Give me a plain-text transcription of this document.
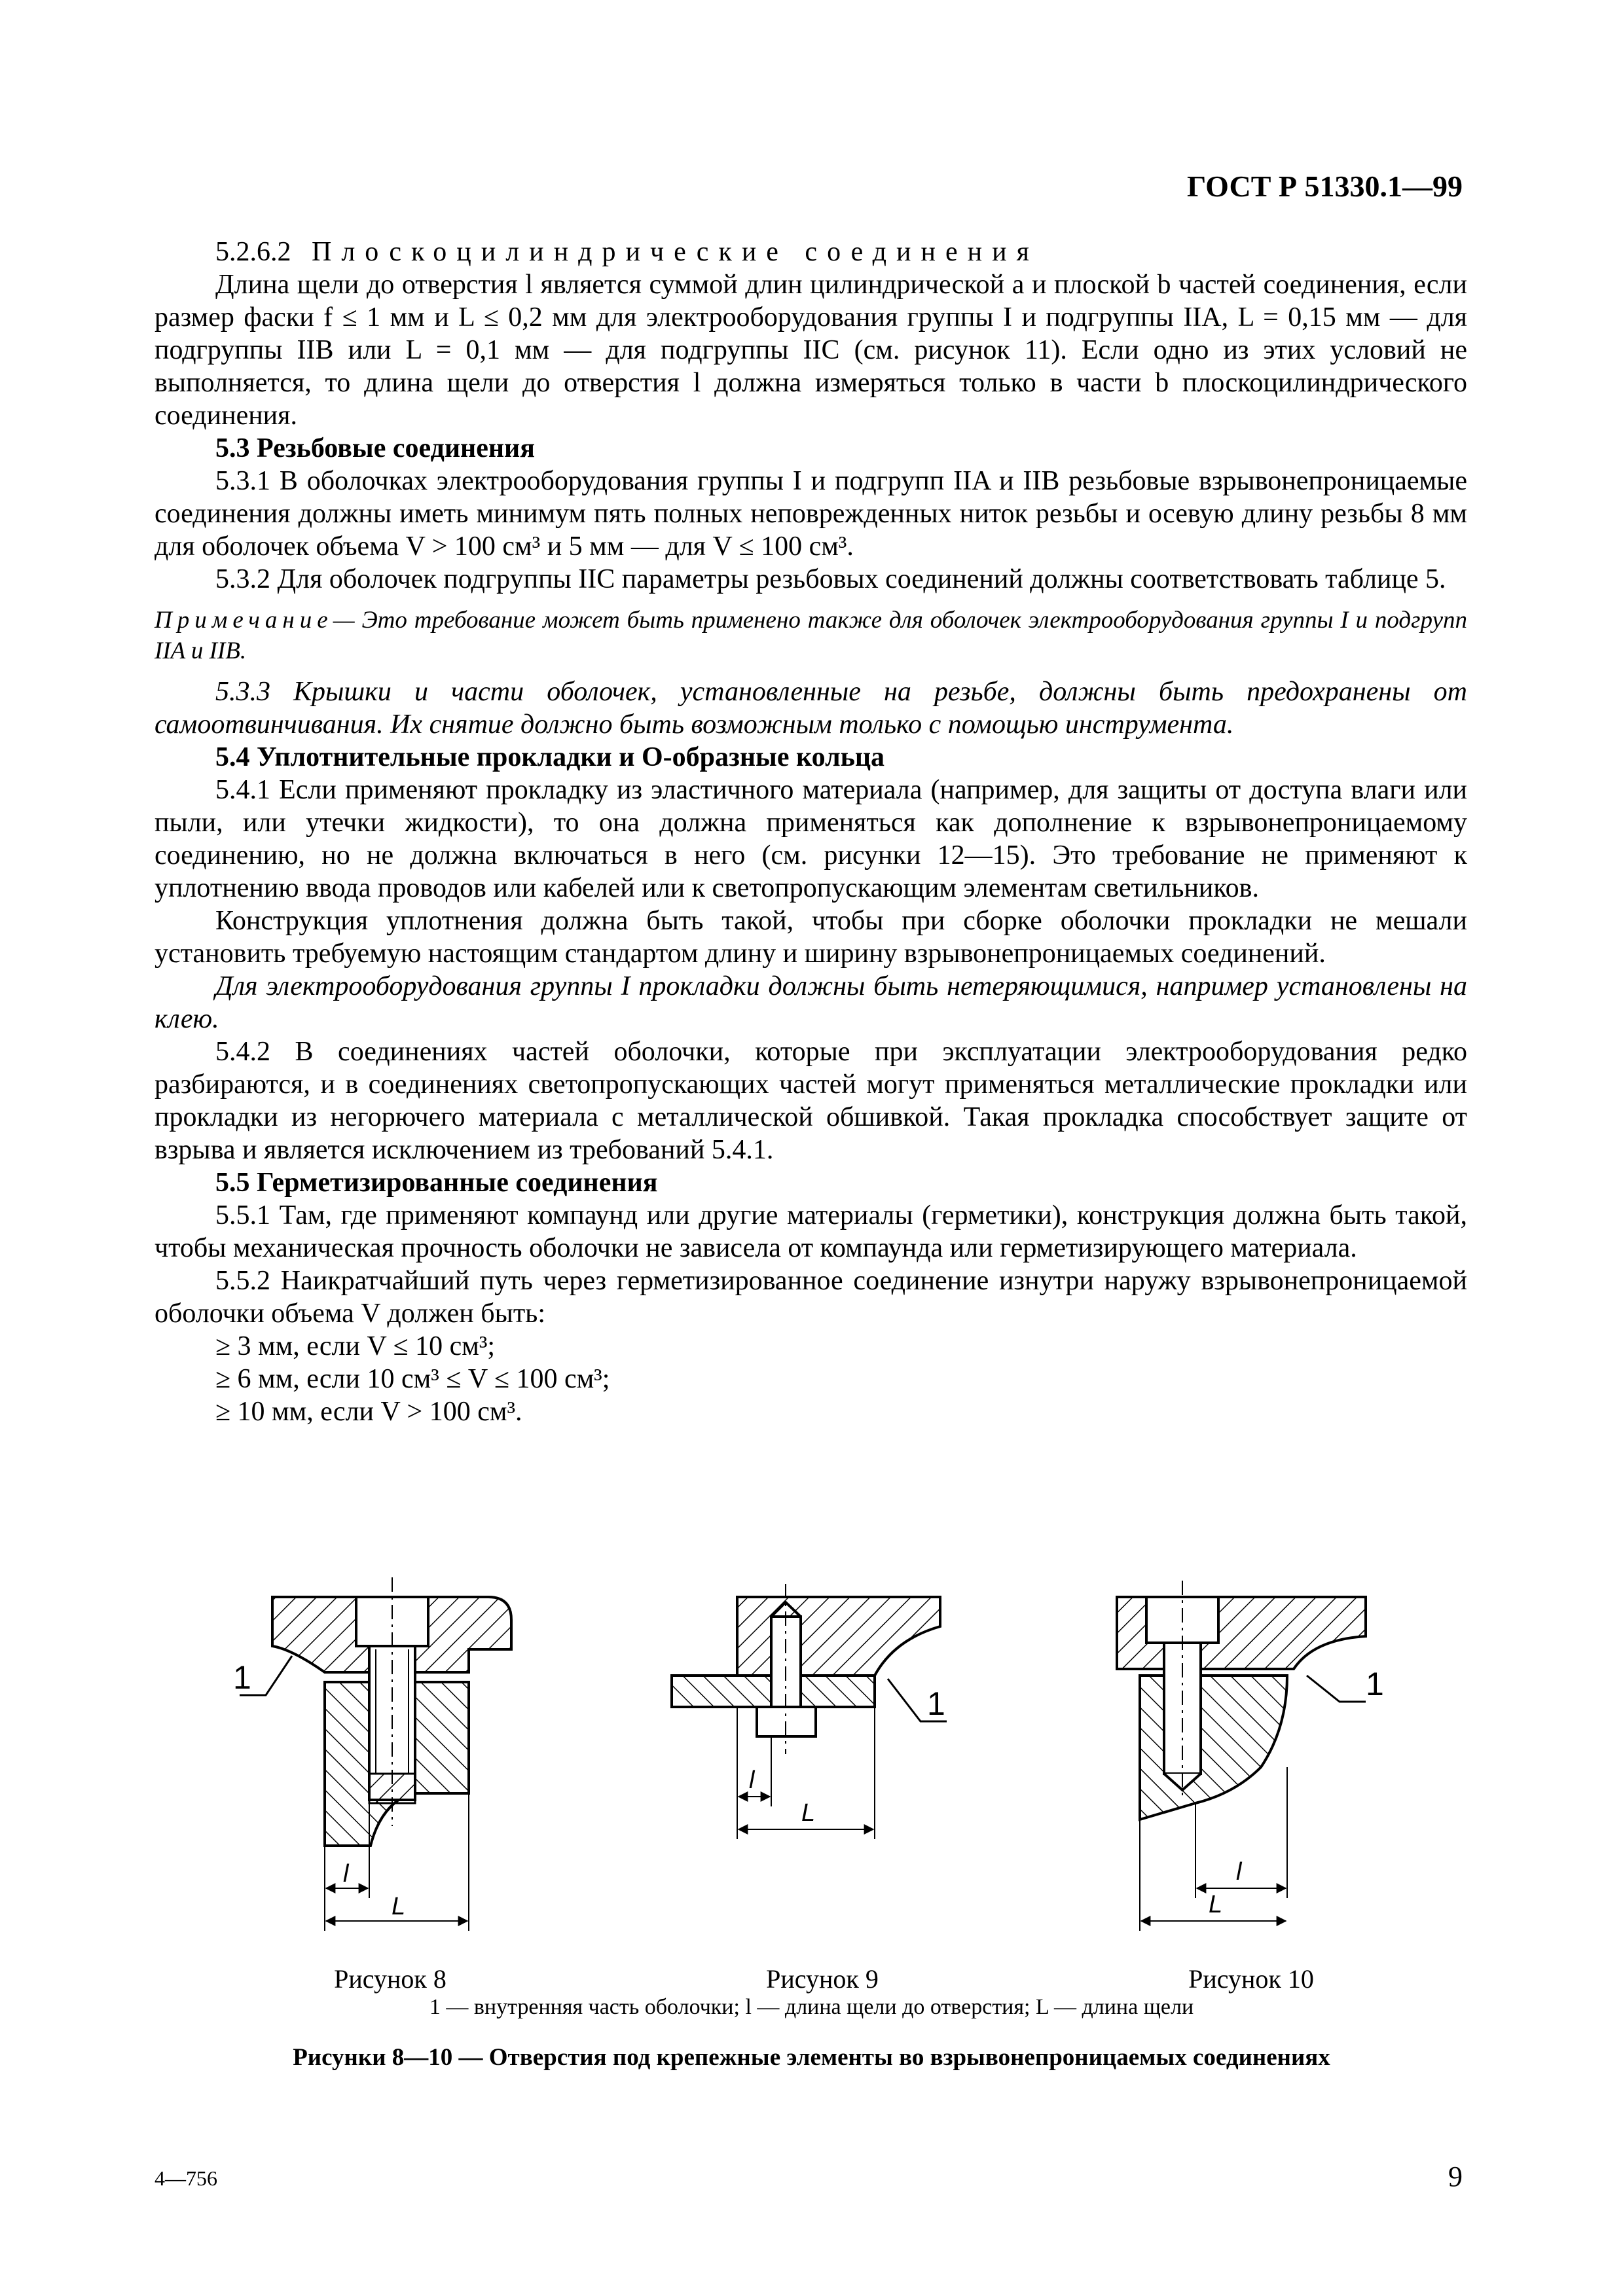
ГОСТ Р 51330.1—99

5.2.6.2 Плоскоцилиндрические соединения

Длина щели до отверстия l является суммой длин цилиндрической a и плоской b частей соединения, если размер фаски f ≤ 1 мм и L ≤ 0,2 мм для электрооборудования группы I и подгруппы IIA, L = 0,15 мм — для подгруппы IIB или L = 0,1 мм — для подгруппы IIC (см. рисунок 11). Если одно из этих условий не выполняется, то длина щели до отверстия l должна измеряться только в части b плоскоцилиндрического соединения.

5.3 Резьбовые соединения

5.3.1 В оболочках электрооборудования группы I и подгрупп IIA и IIB резьбовые взрывонепроницаемые соединения должны иметь минимум пять полных неповрежденных ниток резьбы и осевую длину резьбы 8 мм для оболочек объема V > 100 см³ и 5 мм — для V ≤ 100 см³.

5.3.2 Для оболочек подгруппы IIC параметры резьбовых соединений должны соответствовать таблице 5.

Примечание— Это требование может быть применено также для оболочек электрооборудования группы I и подгрупп IIA и IIB.

5.3.3 Крышки и части оболочек, установленные на резьбе, должны быть предохранены от самоотвинчивания. Их снятие должно быть возможным только с помощью инструмента.

5.4 Уплотнительные прокладки и О-образные кольца

5.4.1 Если применяют прокладку из эластичного материала (например, для защиты от доступа влаги или пыли, или утечки жидкости), то она должна применяться как дополнение к взрывонепроницаемому соединению, но не должна включаться в него (см. рисунки 12—15). Это требование не применяют к уплотнению ввода проводов или кабелей или к светопропускающим элементам светильников.

Конструкция уплотнения должна быть такой, чтобы при сборке оболочки прокладки не мешали установить требуемую настоящим стандартом длину и ширину взрывонепроницаемых соединений.

Для электрооборудования группы I прокладки должны быть нетеряющимися, например установлены на клею.

5.4.2 В соединениях частей оболочки, которые при эксплуатации электрооборудования редко разбираются, и в соединениях светопропускающих частей могут применяться металлические прокладки или прокладки из негорючего материала с металлической обшивкой. Такая прокладка способствует защите от взрыва и является исключением из требований 5.4.1.

5.5 Герметизированные соединения

5.5.1 Там, где применяют компаунд или другие материалы (герметики), конструкция должна быть такой, чтобы механическая прочность оболочки не зависела от компаунда или герметизирующего материала.

5.5.2 Наикратчайший путь через герметизированное соединение изнутри наружу взрывонепроницаемой оболочки объема V должен быть:

≥ 3 мм, если V ≤ 10 см³;

≥ 6 мм, если 10 см³ ≤ V ≤ 100 см³;

≥ 10 мм, если V > 100 см³.

1
l
L
Рисунок 8
1
l
L
Рисунок 9
1
l
L
Рисунок 10
1 — внутренняя часть оболочки; l — длина щели до отверстия; L — длина щели
Рисунки 8—10 — Отверстия под крепежные элементы во взрывонепроницаемых соединениях
4—756	9
